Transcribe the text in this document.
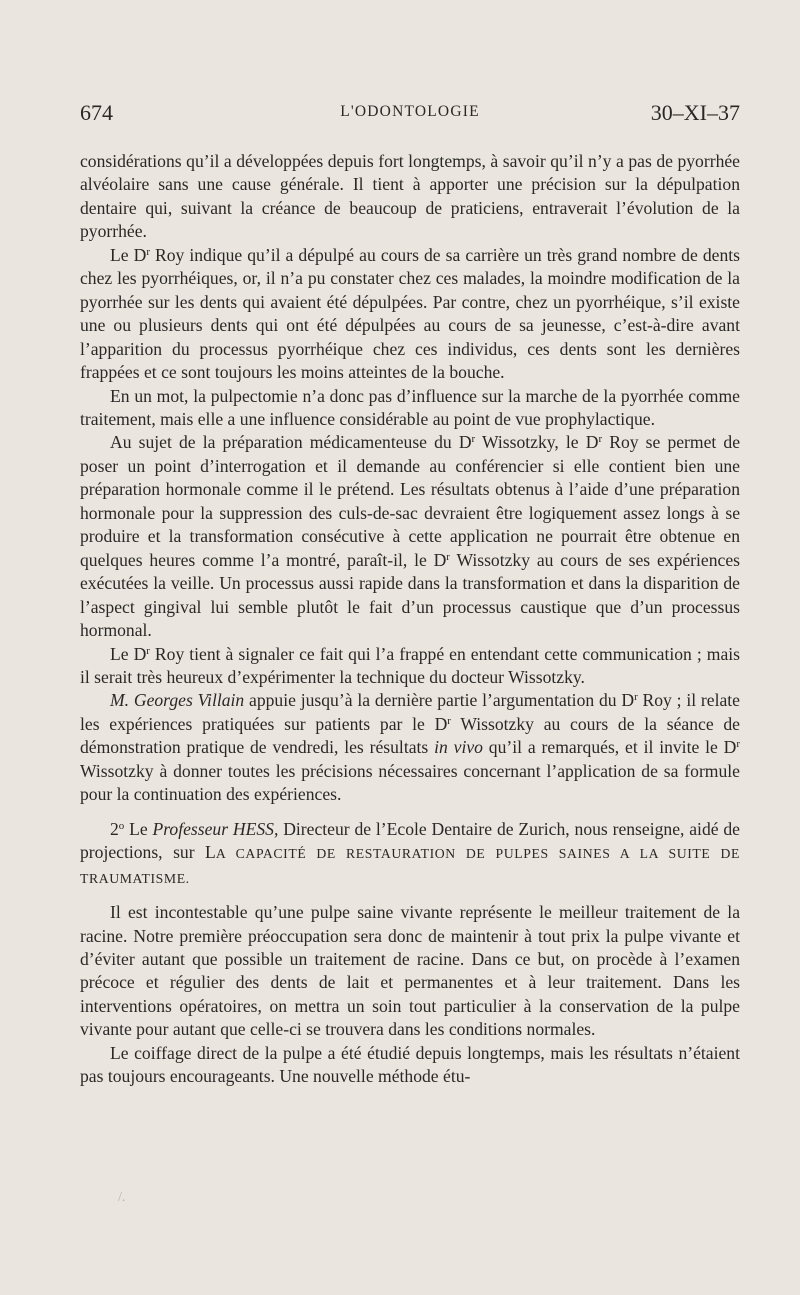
674	L'ODONTOLOGIE	30–XI–37

considérations qu’il a développées depuis fort longtemps, à savoir qu’il n’y a pas de pyorrhée alvéolaire sans une cause générale. Il tient à apporter une précision sur la dépulpation dentaire qui, suivant la créance de beaucoup de praticiens, entraverait l’évolution de la pyorrhée.

Le $D^r$ Roy indique qu’il a dépulpé au cours de sa carrière un très grand nombre de dents chez les pyorrhéiques, or, il n’a pu constater chez ces malades, la moindre modification de la pyorrhée sur les dents qui avaient été dépulpées. Par contre, chez un pyorrhéique, s’il existe une ou plusieurs dents qui ont été dépulpées au cours de sa jeunesse, c’est-à-dire avant l’apparition du processus pyorrhéique chez ces individus, ces dents sont les dernières frappées et ce sont toujours les moins atteintes de la bouche.

En un mot, la pulpectomie n’a donc pas d’influence sur la marche de la pyorrhée comme traitement, mais elle a une influence considérable au point de vue prophylactique.

Au sujet de la préparation médicamenteuse du $D^r$ Wissotzky, le $D^r$ Roy se permet de poser un point d’interrogation et il demande au conférencier si elle contient bien une préparation hormonale comme il le prétend. Les résultats obtenus à l’aide d’une préparation hormonale pour la suppression des culs-de-sac devraient être logiquement assez longs à se produire et la transformation consécutive à cette application ne pourrait être obtenue en quelques heures comme l’a montré, paraît-il, le $D^r$ Wissotzky au cours de ses expériences exécutées la veille. Un processus aussi rapide dans la transformation et dans la disparition de l’aspect gingival lui semble plutôt le fait d’un processus caustique que d’un processus hormonal.

Le $D^r$ Roy tient à signaler ce fait qui l’a frappé en entendant cette communication ; mais il serait très heureux d’expérimenter la technique du docteur Wissotzky.

M. Georges Villain appuie jusqu’à la dernière partie l’argumentation du $D^r$ Roy ; il relate les expériences pratiquées sur patients par le $D^r$ Wissotzky au cours de la séance de démonstration pratique de vendredi, les résultats in vivo qu’il a remarqués, et il invite le $D^r$ Wissotzky à donner toutes les précisions nécessaires concernant l’application de sa formule pour la continuation des expériences.

2$^o$ Le Professeur HESS, Directeur de l’Ecole Dentaire de Zurich, nous renseigne, aidé de projections, sur LA CAPACITÉ DE RESTAURATION DE PULPES SAINES A LA SUITE DE TRAUMATISME.

Il est incontestable qu’une pulpe saine vivante représente le meilleur traitement de la racine. Notre première préoccupation sera donc de maintenir à tout prix la pulpe vivante et d’éviter autant que possible un traitement de racine. Dans ce but, on procède à l’examen précoce et régulier des dents de lait et permanentes et à leur traitement. Dans les interventions opératoires, on mettra un soin tout particulier à la conservation de la pulpe vivante pour autant que celle-ci se trouvera dans les conditions normales.

Le coiffage direct de la pulpe a été étudié depuis longtemps, mais les résultats n’étaient pas toujours encourageants. Une nouvelle méthode étu-

/.
